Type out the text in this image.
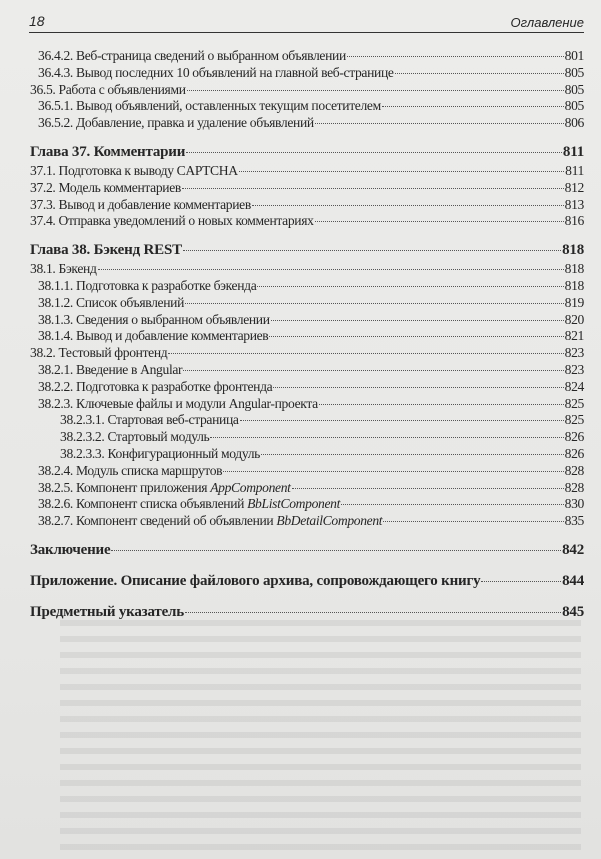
18	Оглавление
36.4.2. Веб-страница сведений о выбранном объявлении	801
36.4.3. Вывод последних 10 объявлений на главной веб-странице	805
36.5. Работа с объявлениями	805
36.5.1. Вывод объявлений, оставленных текущим посетителем	805
36.5.2. Добавление, правка и удаление объявлений	806
Глава 37. Комментарии	811
37.1. Подготовка к выводу CAPTCHA	811
37.2. Модель комментариев	812
37.3. Вывод и добавление комментариев	813
37.4. Отправка уведомлений о новых комментариях	816
Глава 38. Бэкенд REST	818
38.1. Бэкенд	818
38.1.1. Подготовка к разработке бэкенда	818
38.1.2. Список объявлений	819
38.1.3. Сведения о выбранном объявлении	820
38.1.4. Вывод и добавление комментариев	821
38.2. Тестовый фронтенд	823
38.2.1. Введение в Angular	823
38.2.2. Подготовка к разработке фронтенда	824
38.2.3. Ключевые файлы и модули Angular-проекта	825
38.2.3.1. Стартовая веб-страница	825
38.2.3.2. Стартовый модуль	826
38.2.3.3. Конфигурационный модуль	826
38.2.4. Модуль списка маршрутов	828
38.2.5. Компонент приложения AppComponent	828
38.2.6. Компонент списка объявлений BbListComponent	830
38.2.7. Компонент сведений об объявлении BbDetailComponent	835
Заключение	842
Приложение. Описание файлового архива, сопровождающего книгу	844
Предметный указатель	845
